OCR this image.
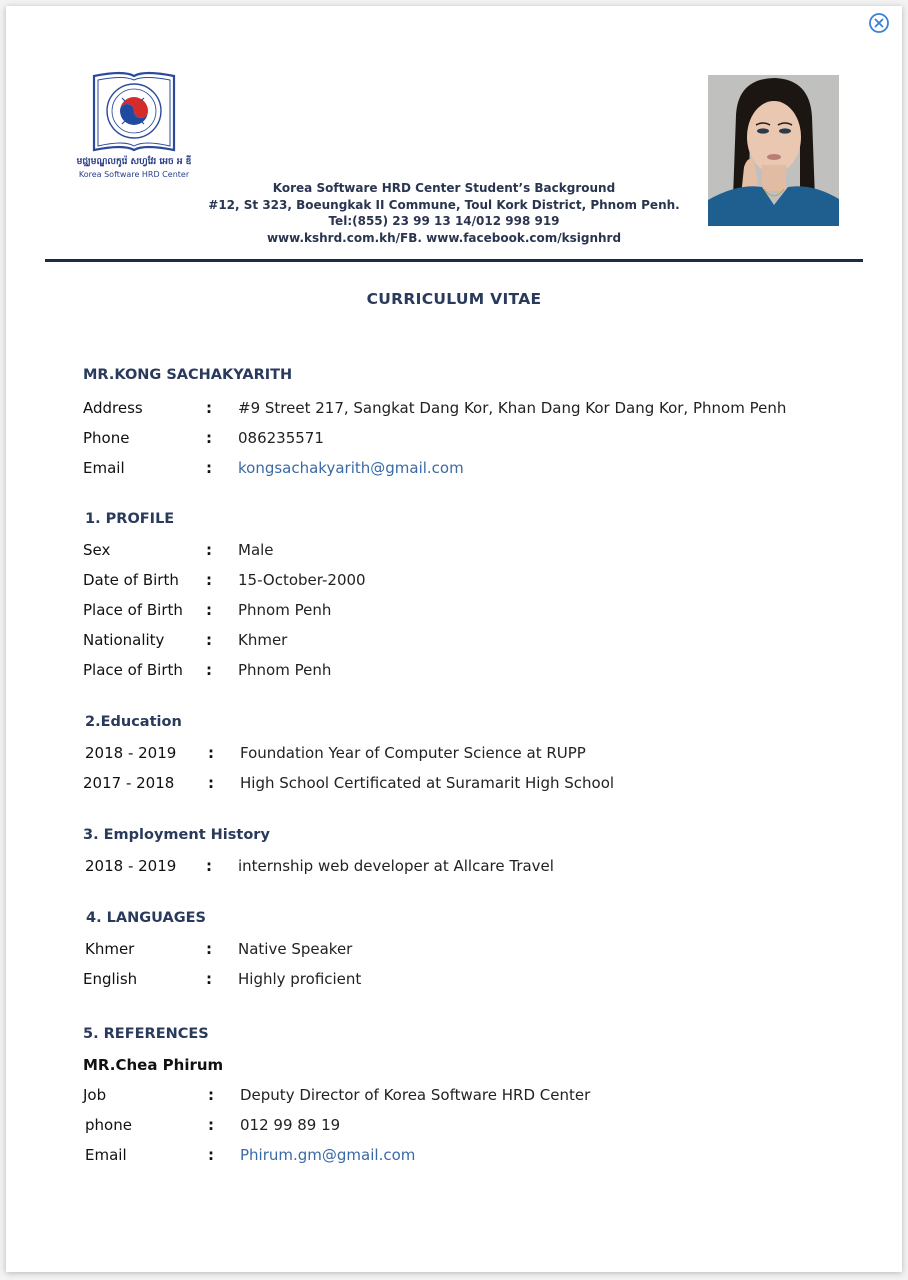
មជ្ឈមណ្ឌលកូរ៉េ សហ្វវែរ អេច អ ឌី
Korea Software HRD Center
Korea Software HRD Center Student’s Background
#12, St 323, Boeungkak II Commune, Toul Kork District, Phnom Penh.
Tel:(855) 23 99 13 14/012 998 919
www.kshrd.com.kh/FB. www.facebook.com/ksignhrd
CURRICULUM VITAE
MR.KONG SACHAKYARITH
Address	: #9 Street 217, Sangkat Dang Kor, Khan Dang Kor Dang Kor, Phnom Penh
Phone	: 086235571
Email	: kongsachakyarith@gmail.com
1. PROFILE
Sex	: Male
Date of Birth : 15-October-2000
Place of Birth : Phnom Penh
Nationality	: Khmer
Place of Birth : Phnom Penh
2.Education
2018 - 2019 : Foundation Year of Computer Science at RUPP
2017 - 2018 : High School Certificated at Suramarit High School
3. Employment History
2018 - 2019 : internship web developer at Allcare Travel
4. LANGUAGES
Khmer	: Native Speaker
English	: Highly proficient
5. REFERENCES
MR.Chea Phirum
Job	: Deputy Director of Korea Software HRD Center
phone	: 012 99 89 19
Email	: Phirum.gm@gmail.com
